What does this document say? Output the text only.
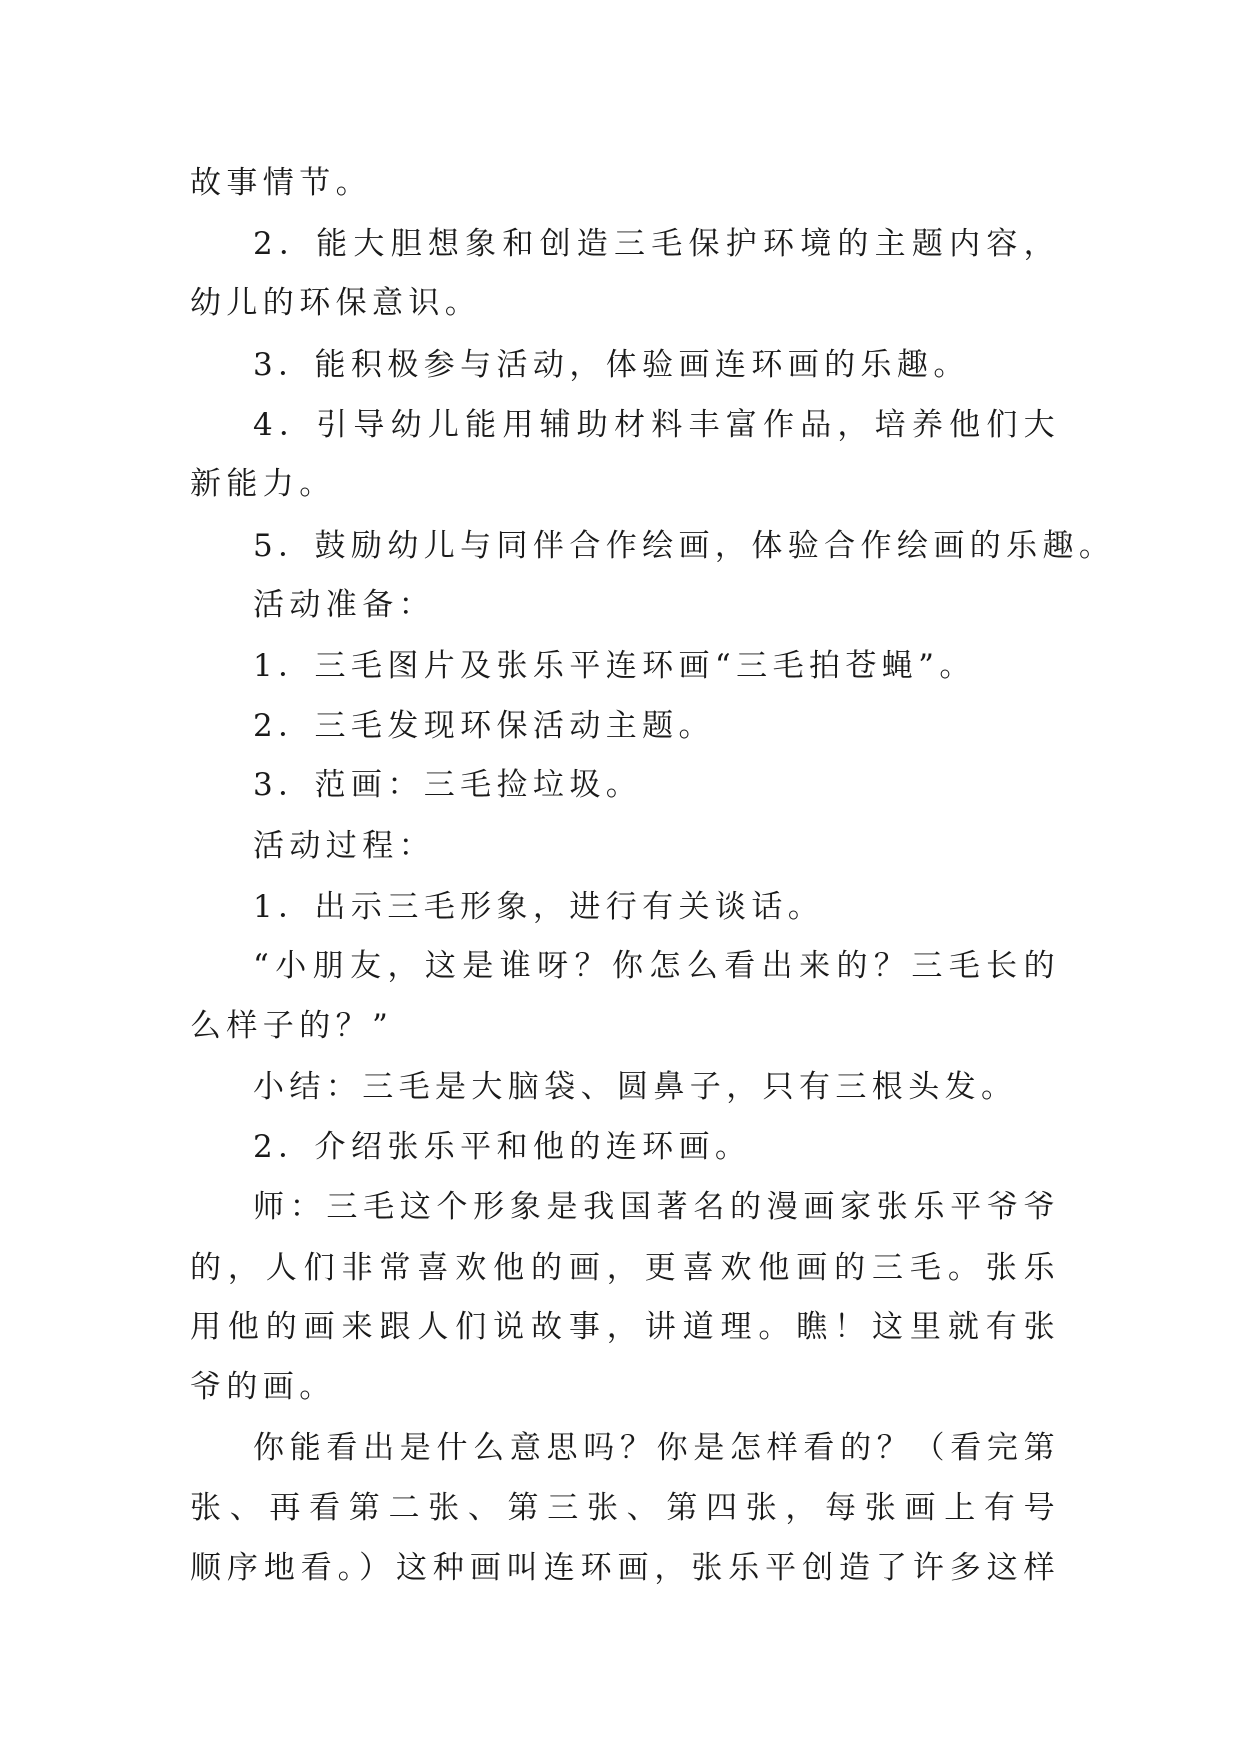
故事情节。
2．能大胆想象和创造三毛保护环境的主题内容，
幼儿的环保意识。
3．能积极参与活动，体验画连环画的乐趣。
4．引导幼儿能用辅助材料丰富作品，培养他们大
新能力。
5．鼓励幼儿与同伴合作绘画，体验合作绘画的乐趣。
活动准备：
1．三毛图片及张乐平连环画“三毛拍苍蝇”。
2．三毛发现环保活动主题。
3．范画：三毛捡垃圾。
活动过程：
1．出示三毛形象，进行有关谈话。
“小朋友，这是谁呀？你怎么看出来的？三毛长的
么样子的？”
小结：三毛是大脑袋、圆鼻子，只有三根头发。
2．介绍张乐平和他的连环画。
师：三毛这个形象是我国著名的漫画家张乐平爷爷
的，人们非常喜欢他的画，更喜欢他画的三毛。张乐
用他的画来跟人们说故事，讲道理。瞧！这里就有张
爷的画。
你能看出是什么意思吗？你是怎样看的？（看完第
张、再看第二张、第三张、第四张，每张画上有号
顺序地看。）这种画叫连环画，张乐平创造了许多这样
